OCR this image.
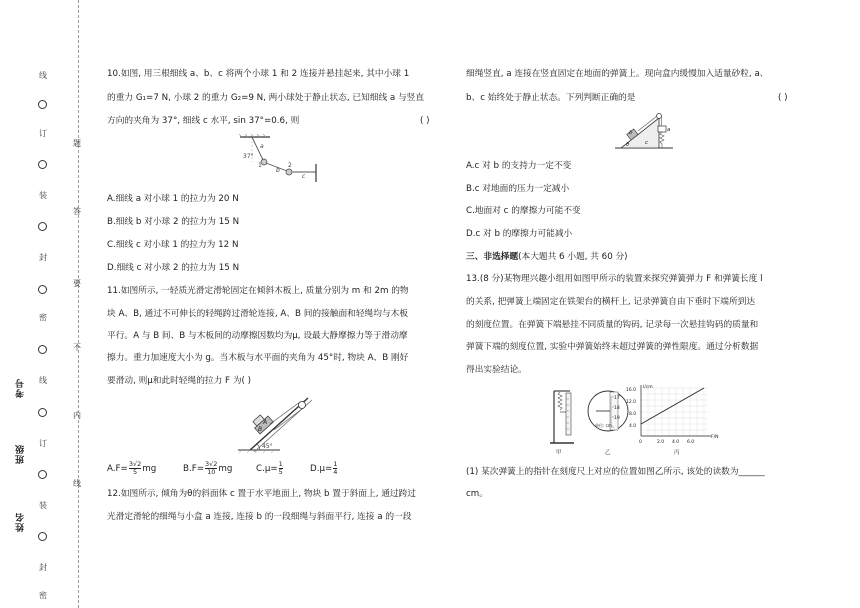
线
订
装
封
密
线
订
装
封
密
考号
班级
姓名
题
答
要
不
内
线
10.如图, 用三根细线 a、b、c 将两个小球 1 和 2 连接并悬挂起来, 其中小球 1
的重力 G₁=7 N, 小球 2 的重力 G₂=9 N, 两小球处于静止状态, 已知细线 a 与竖直
方向的夹角为 37°, 细线 c 水平, sin 37°=0.6, 则	( )
37°
a
1
b
2
c
A.细线 a 对小球 1 的拉力为 20 N
B.细线 b 对小球 2 的拉力为 15 N
C.细线 c 对小球 1 的拉力为 12 N
D.细线 c 对小球 2 的拉力为 15 N
11.如图所示, 一轻质光滑定滑轮固定在倾斜木板上, 质量分别为 m 和 2m 的物
块 A、B, 通过不可伸长的轻绳跨过滑轮连接, A、B 间的接触面和轻绳均与木板
平行。A 与 B 间、B 与木板间的动摩擦因数均为μ, 设最大静摩擦力等于滑动摩
擦力。重力加速度大小为 g。当木板与水平面的夹角为 45°时, 物块 A、B 刚好
要滑动, 则μ和此时轻绳的拉力 F 为( )
45°
B
A
$A.F= \frac{3√2}{5}$ mg	$B.F= \frac{3√2}{10}$ mg	$C.\mu= \frac{1}{5}$	$D.\mu= \frac{1}{4}$
12.如图所示, 倾角为θ的斜面体 c 置于水平地面上, 物块 b 置于斜面上, 通过跨过
光滑定滑轮的细绳与小盒 a 连接, 连接 b 的一段细绳与斜面平行, 连接 a 的一段
细绳竖直, a 连接在竖直固定在地面的弹簧上。现向盒内缓慢加入适量砂粒, a、
b、c 始终处于静止状态。下列判断正确的是	( )
b
c
a
θ
A.c 对 b 的支持力一定不变
B.c 对地面的压力一定减小
C.地面对 c 的摩擦力可能不变
D.c 对 b 的摩擦力可能减小
三、非选择题(本大题共 6 小题, 共 60 分)
13.(8 分)某物理兴趣小组用如图甲所示的装置来探究弹簧弹力 F 和弹簧长度 l
的关系, 把弹簧上端固定在铁架台的横杆上, 记录弹簧自由下垂时下端所到达
的刻度位置。在弹簧下端悬挂不同质量的钩码, 记录每一次悬挂钩码的质量和
弹簧下端的刻度位置, 实验中弹簧始终未超过弹簧的弹性限度。通过分析数据
得出实验结论。
甲
17
18
19
单位: cm
乙
l/cm
16.0
12.0
8.0
4.0
0	2.0 4.0 6.0
F/N
丙
(1) 某次弹簧上的指针在刻度尺上对应的位置如图乙所示, 该处的读数为______
cm。
